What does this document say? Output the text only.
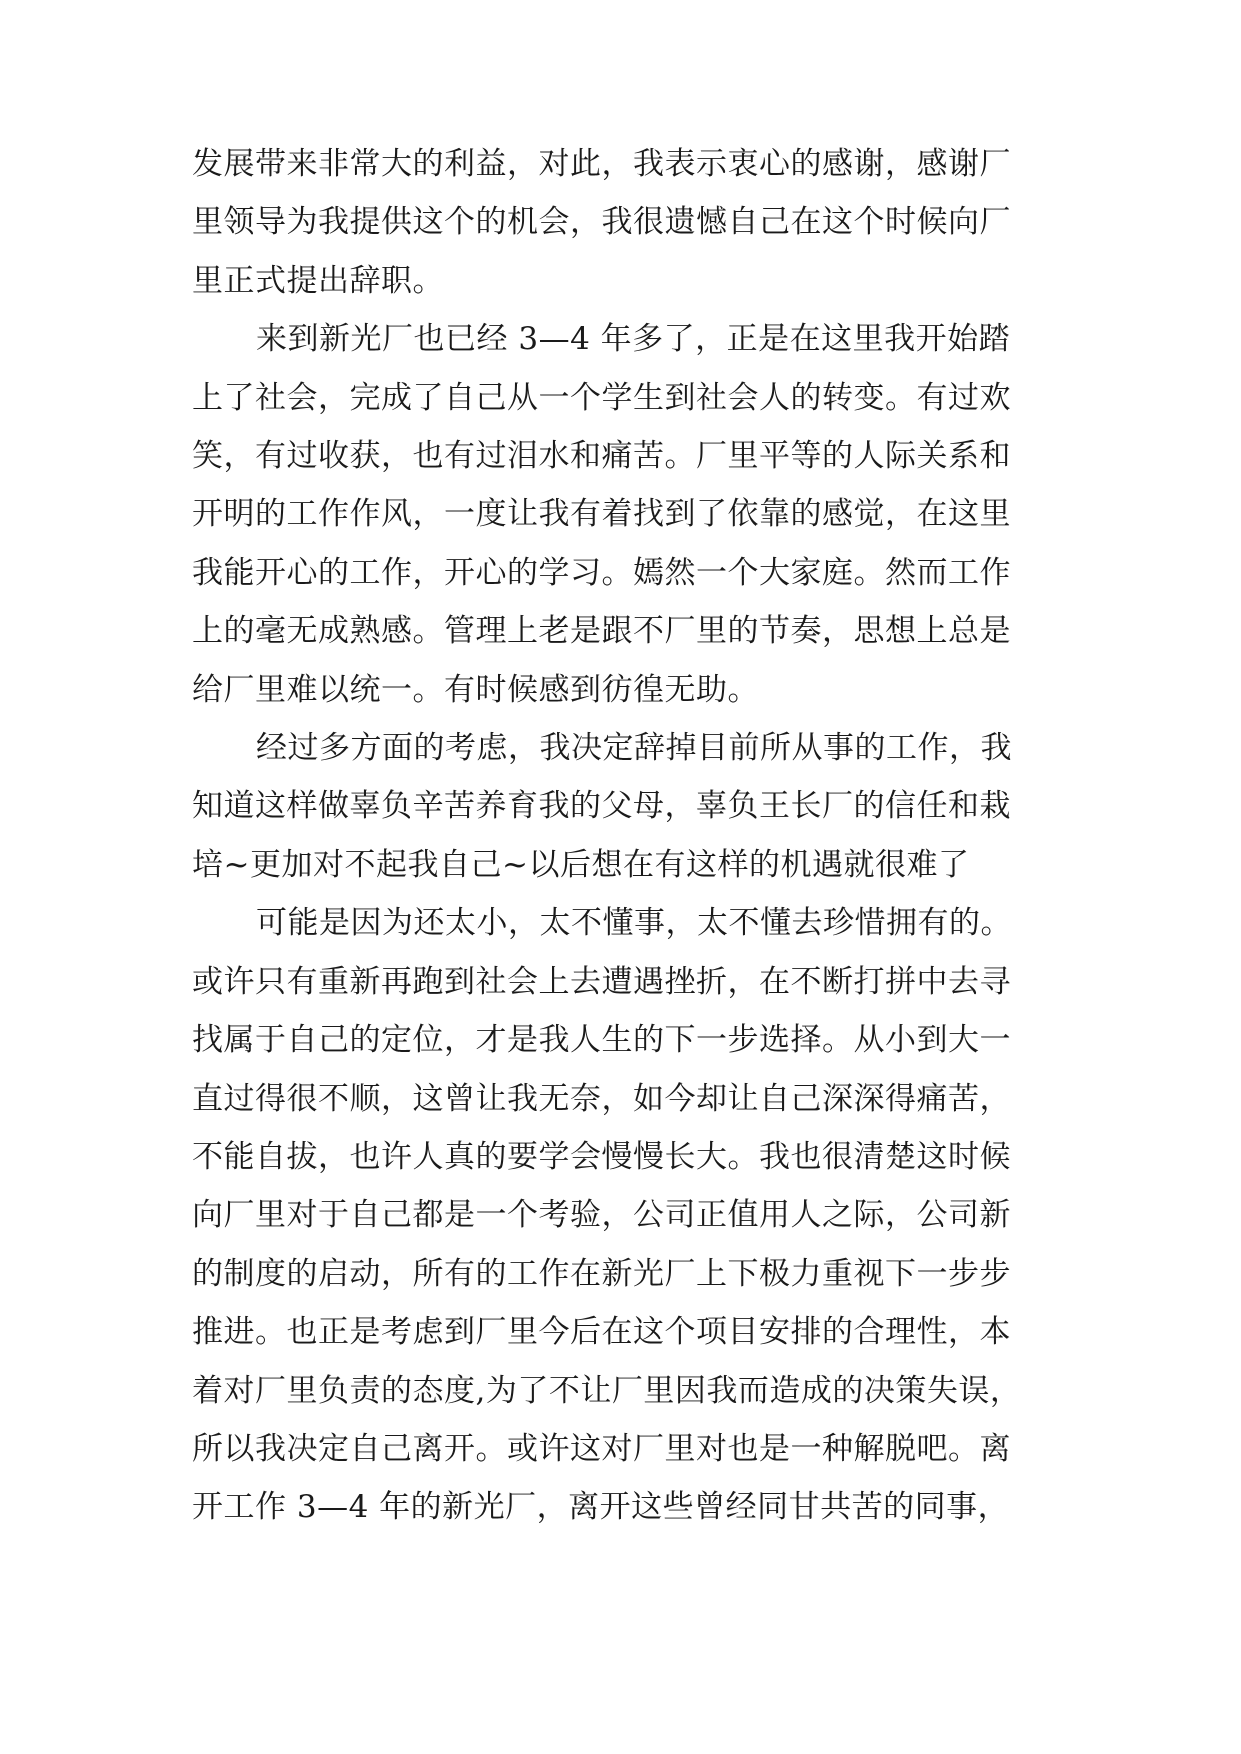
发展带来非常大的利益，对此，我表示衷心的感谢，感谢厂
里领导为我提供这个的机会，我很遗憾自己在这个时候向厂
里正式提出辞职。
来到新光厂也已经 3—4 年多了，正是在这里我开始踏
上了社会，完成了自己从一个学生到社会人的转变。有过欢
笑，有过收获，也有过泪水和痛苦。厂里平等的人际关系和
开明的工作作风，一度让我有着找到了依靠的感觉，在这里
我能开心的工作，开心的学习。嫣然一个大家庭。然而工作
上的毫无成熟感。管理上老是跟不厂里的节奏，思想上总是
给厂里难以统一。有时候感到彷徨无助。
经过多方面的考虑，我决定辞掉目前所从事的工作，我
知道这样做辜负辛苦养育我的父母，辜负王长厂的信任和栽
培~更加对不起我自己~以后想在有这样的机遇就很难了
可能是因为还太小，太不懂事，太不懂去珍惜拥有的。
或许只有重新再跑到社会上去遭遇挫折，在不断打拼中去寻
找属于自己的定位，才是我人生的下一步选择。从小到大一
直过得很不顺，这曾让我无奈，如今却让自己深深得痛苦，
不能自拔，也许人真的要学会慢慢长大。我也很清楚这时候
向厂里对于自己都是一个考验，公司正值用人之际，公司新
的制度的启动，所有的工作在新光厂上下极力重视下一步步
推进。也正是考虑到厂里今后在这个项目安排的合理性，本
着对厂里负责的态度,为了不让厂里因我而造成的决策失误，
所以我决定自己离开。或许这对厂里对也是一种解脱吧。离
开工作 3—4 年的新光厂，离开这些曾经同甘共苦的同事，
